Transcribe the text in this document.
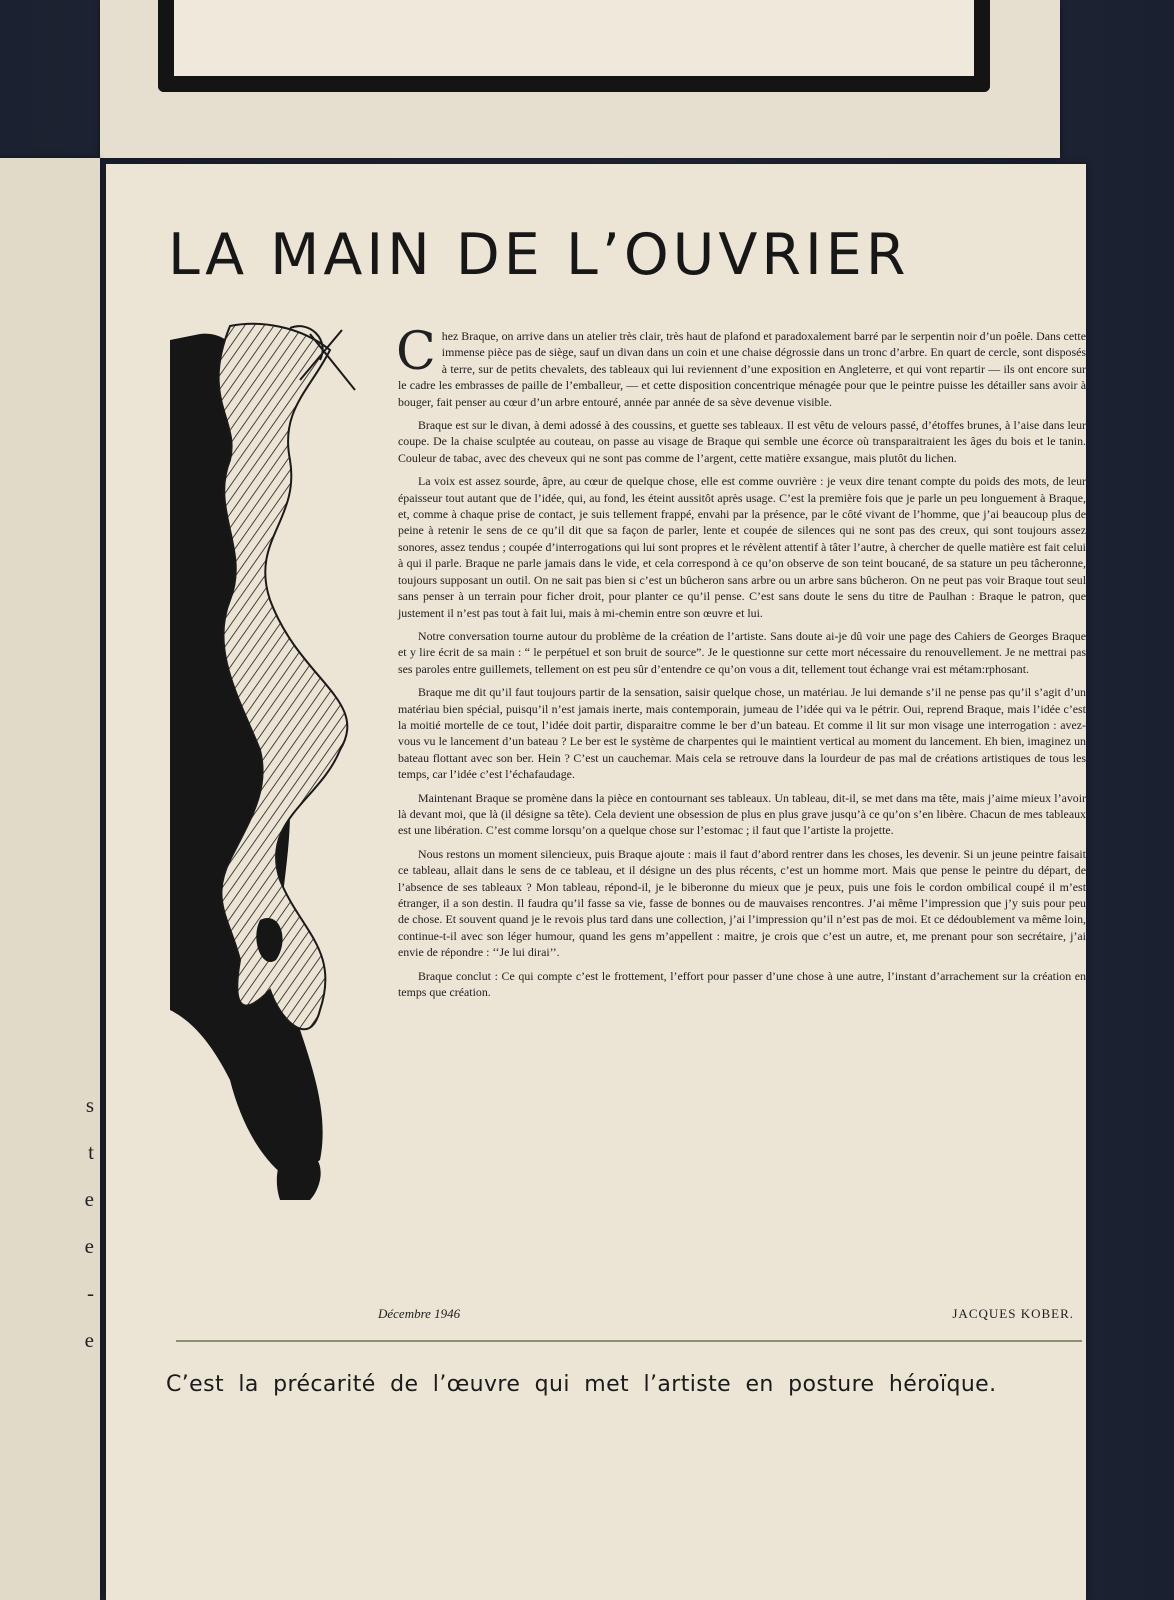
s
t
e
e
-
e
LA MAIN DE L’OUVRIER

Chez Braque, on arrive dans un atelier très clair, très haut de plafond et paradoxalement barré par le serpentin noir d’un poêle. Dans cette immense pièce pas de siège, sauf un divan dans un coin et une chaise dégrossie dans un tronc d’arbre. En quart de cercle, sont disposés à terre, sur de petits chevalets, des tableaux qui lui reviennent d’une exposition en Angleterre, et qui vont repartir — ils ont encore sur le cadre les embrasses de paille de l’emballeur, — et cette disposition concentrique ménagée pour que le peintre puisse les détailler sans avoir à bouger, fait penser au cœur d’un arbre entouré, année par année de sa sève devenue visible.

Braque est sur le divan, à demi adossé à des coussins, et guette ses tableaux. Il est vêtu de velours passé, d’étoffes brunes, à l’aise dans leur coupe. De la chaise sculptée au couteau, on passe au visage de Braque qui semble une écorce où transparaitraient les âges du bois et le tanin. Couleur de tabac, avec des cheveux qui ne sont pas comme de l’argent, cette matière exsangue, mais plutôt du lichen.

La voix est assez sourde, âpre, au cœur de quelque chose, elle est comme ouvrière : je veux dire tenant compte du poids des mots, de leur épaisseur tout autant que de l’idée, qui, au fond, les éteint aussitôt après usage. C’est la première fois que je parle un peu longuement à Braque, et, comme à chaque prise de contact, je suis tellement frappé, envahi par la présence, par le côté vivant de l’homme, que j’ai beaucoup plus de peine à retenir le sens de ce qu’il dit que sa façon de parler, lente et coupée de silences qui ne sont pas des creux, qui sont toujours assez sonores, assez tendus ; coupée d’interrogations qui lui sont propres et le révèlent attentif à tâter l’autre, à chercher de quelle matière est fait celui à qui il parle. Braque ne parle jamais dans le vide, et cela correspond à ce qu’on observe de son teint boucané, de sa stature un peu tâcheronne, toujours supposant un outil. On ne sait pas bien si c’est un bûcheron sans arbre ou un arbre sans bûcheron. On ne peut pas voir Braque tout seul sans penser à un terrain pour ficher droit, pour planter ce qu’il pense. C’est sans doute le sens du titre de Paulhan : Braque le patron, que justement il n’est pas tout à fait lui, mais à mi-chemin entre son œuvre et lui.

Notre conversation tourne autour du problème de la création de l’artiste. Sans doute ai-je dû voir une page des Cahiers de Georges Braque et y lire écrit de sa main : “ le perpétuel et son bruit de source”. Je le questionne sur cette mort nécessaire du renouvellement. Je ne mettrai pas ses paroles entre guillemets, tellement on est peu sûr d’entendre ce qu’on vous a dit, tellement tout échange vrai est métam:rphosant.

Braque me dit qu’il faut toujours partir de la sensation, saisir quelque chose, un matériau. Je lui demande s’il ne pense pas qu’il s’agit d’un matériau bien spécial, puisqu’il n’est jamais inerte, mais contemporain, jumeau de l’idée qui va le pétrir. Oui, reprend Braque, mais l’idée c’est la moitié mortelle de ce tout, l’idée doit partir, disparaitre comme le ber d’un bateau. Et comme il lit sur mon visage une interrogation : avez-vous vu le lancement d’un bateau ? Le ber est le système de charpentes qui le maintient vertical au moment du lancement. Eh bien, imaginez un bateau flottant avec son ber. Hein ? C’est un cauchemar. Mais cela se retrouve dans la lourdeur de pas mal de créations artistiques de tous les temps, car l’idée c’est l’échafaudage.

Maintenant Braque se promène dans la pièce en contournant ses tableaux. Un tableau, dit-il, se met dans ma tête, mais j’aime mieux l’avoir là devant moi, que là (il désigne sa tête). Cela devient une obsession de plus en plus grave jusqu’à ce qu’on s’en libère. Chacun de mes tableaux est une libération. C’est comme lorsqu’on a quelque chose sur l’estomac ; il faut que l’artiste la projette.

Nous restons un moment silencieux, puis Braque ajoute : mais il faut d’abord rentrer dans les choses, les devenir. Si un jeune peintre faisait ce tableau, allait dans le sens de ce tableau, et il désigne un des plus récents, c’est un homme mort. Mais que pense le peintre du départ, de l’absence de ses tableaux ? Mon tableau, répond-il, je le biberonne du mieux que je peux, puis une fois le cordon ombilical coupé il m’est étranger, il a son destin. Il faudra qu’il fasse sa vie, fasse de bonnes ou de mauvaises rencontres. J’ai même l’impression que j’y suis pour peu de chose. Et souvent quand je le revois plus tard dans une collection, j’ai l’impression qu’il n’est pas de moi. Et ce dédoublement va même loin, continue-t-il avec son léger humour, quand les gens m’appellent : maitre, je crois que c’est un autre, et, me prenant pour son secrétaire, j’ai envie de répondre : ‘‘Je lui dirai’’.

Braque conclut : Ce qui compte c’est le frottement, l’effort pour passer d’une chose à une autre, l’instant d’arrachement sur la création en temps que création.

Décembre 1946	JACQUES KOBER.
C’est la précarité de l’œuvre qui met l’artiste en posture héroïque.
